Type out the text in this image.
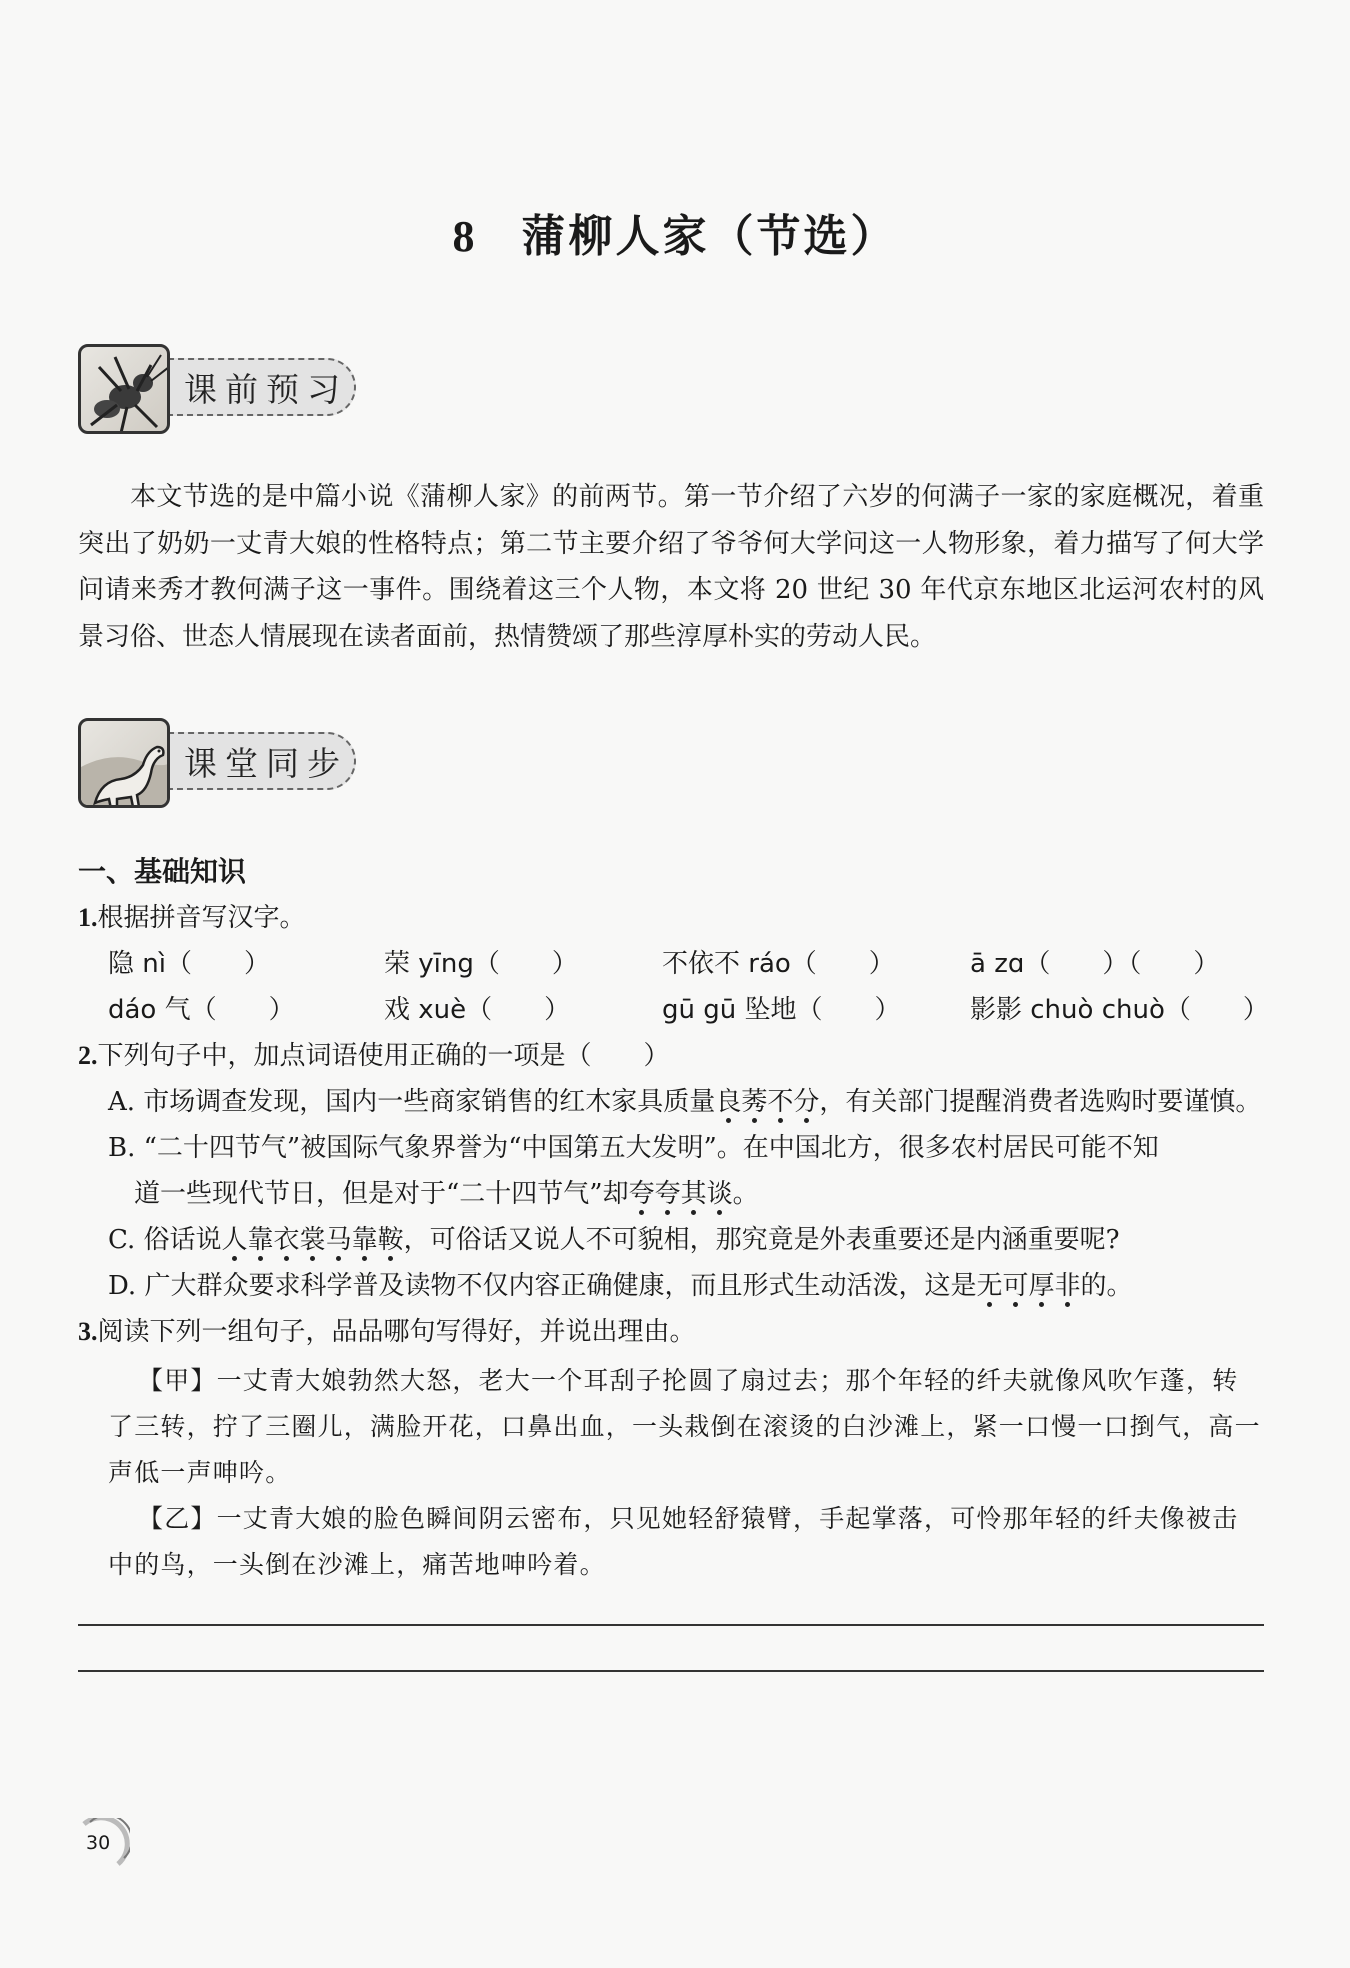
8 蒲柳人家（节选）
课前预习
本文节选的是中篇小说《蒲柳人家》的前两节。第一节介绍了六岁的何满子一家的家庭概况，着重突出了奶奶一丈青大娘的性格特点；第二节主要介绍了爷爷何大学问这一人物形象，着力描写了何大学问请来秀才教何满子这一事件。围绕着这三个人物，本文将 20 世纪 30 年代京东地区北运河农村的风景习俗、世态人情展现在读者面前，热情赞颂了那些淳厚朴实的劳动人民。
课堂同步
一、基础知识
1.根据拼音写汉字。
隐 nì（　　）	荣 yīng（　　）	不依不 ráo（　　）	ā zɑ（　　）（　　）
dáo 气（　　）	戏 xuè（　　）	gū gū 坠地（　　）	影影 chuò chuò（　　）
2.下列句子中，加点词语使用正确的一项是（　　）
A. 市场调查发现，国内一些商家销售的红木家具质量良莠不分，有关部门提醒消费者选购时要谨慎。
B. “二十四节气”被国际气象界誉为“中国第五大发明”。在中国北方，很多农村居民可能不知
道一些现代节日，但是对于“二十四节气”却夸夸其谈。
C. 俗话说人靠衣裳马靠鞍，可俗话又说人不可貌相，那究竟是外表重要还是内涵重要呢?
D. 广大群众要求科学普及读物不仅内容正确健康，而且形式生动活泼，这是无可厚非的。
3.阅读下列一组句子，品品哪句写得好，并说出理由。
【甲】一丈青大娘勃然大怒，老大一个耳刮子抡圆了扇过去；那个年轻的纤夫就像风吹乍蓬，转了三转，拧了三圈儿，满脸开花，口鼻出血，一头栽倒在滚烫的白沙滩上，紧一口慢一口捯气，高一声低一声呻吟。
【乙】一丈青大娘的脸色瞬间阴云密布，只见她轻舒猿臂，手起掌落，可怜那年轻的纤夫像被击中的鸟，一头倒在沙滩上，痛苦地呻吟着。
30
